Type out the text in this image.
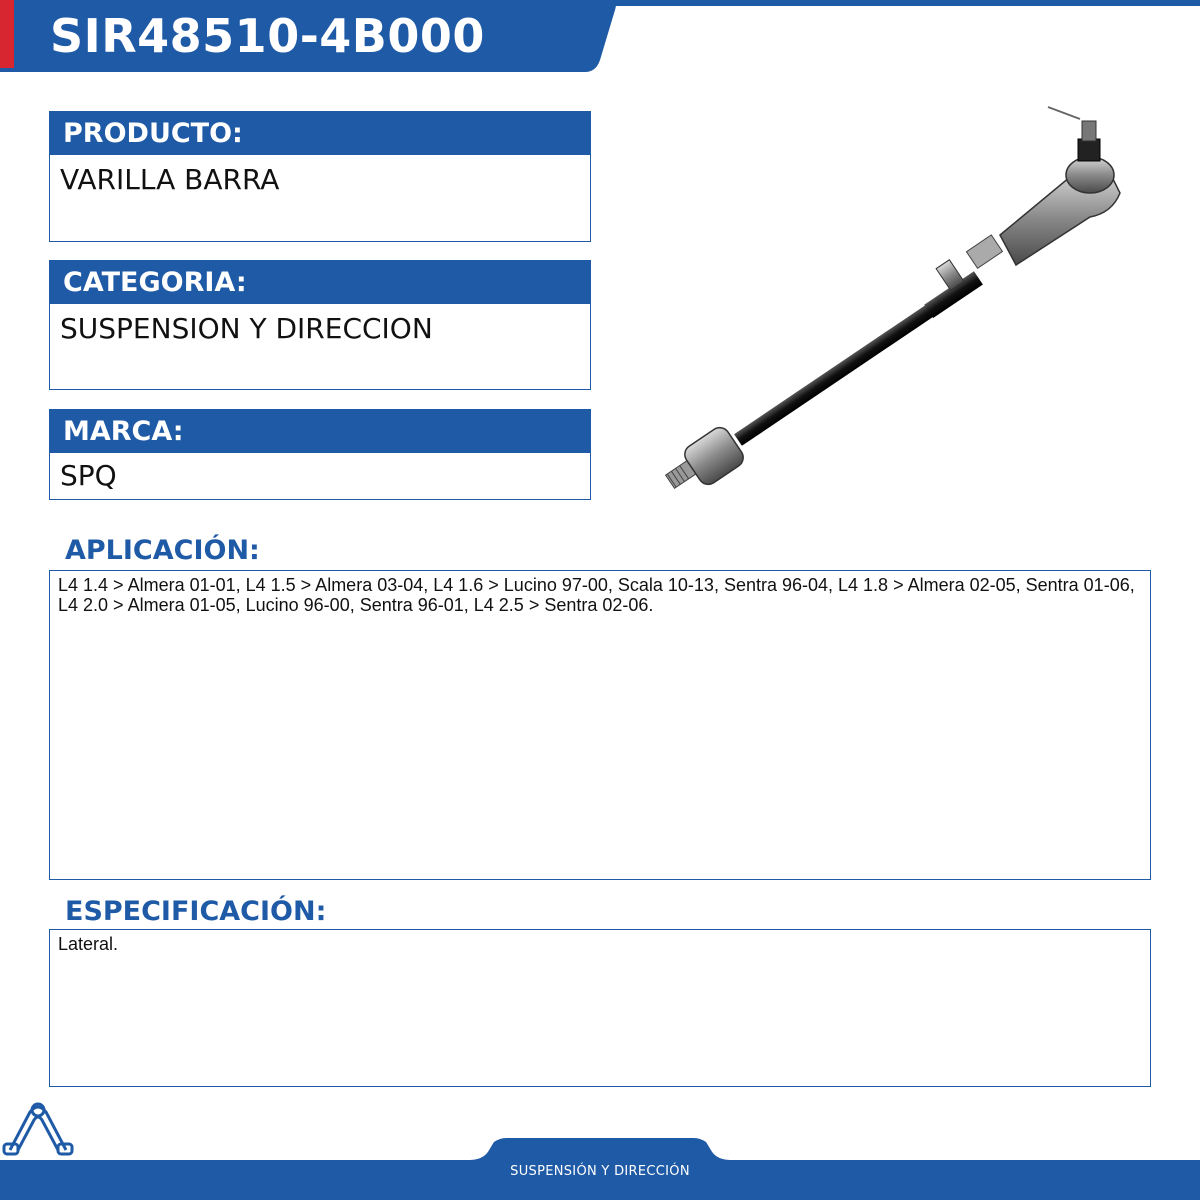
SIR48510-4B000
PRODUCTO:
VARILLA BARRA
CATEGORIA:
SUSPENSION Y DIRECCION
MARCA:
SPQ
APLICACIÓN:
L4 1.4 > Almera 01-01, L4 1.5 > Almera 03-04, L4 1.6 > Lucino 97-00, Scala 10-13, Sentra 96-04, L4 1.8 > Almera 02-05, Sentra 01-06, L4 2.0 > Almera 01-05, Lucino 96-00, Sentra 96-01, L4 2.5 > Sentra 02-06.
ESPECIFICACIÓN:
Lateral.
SUSPENSIÓN Y DIRECCIÓN
